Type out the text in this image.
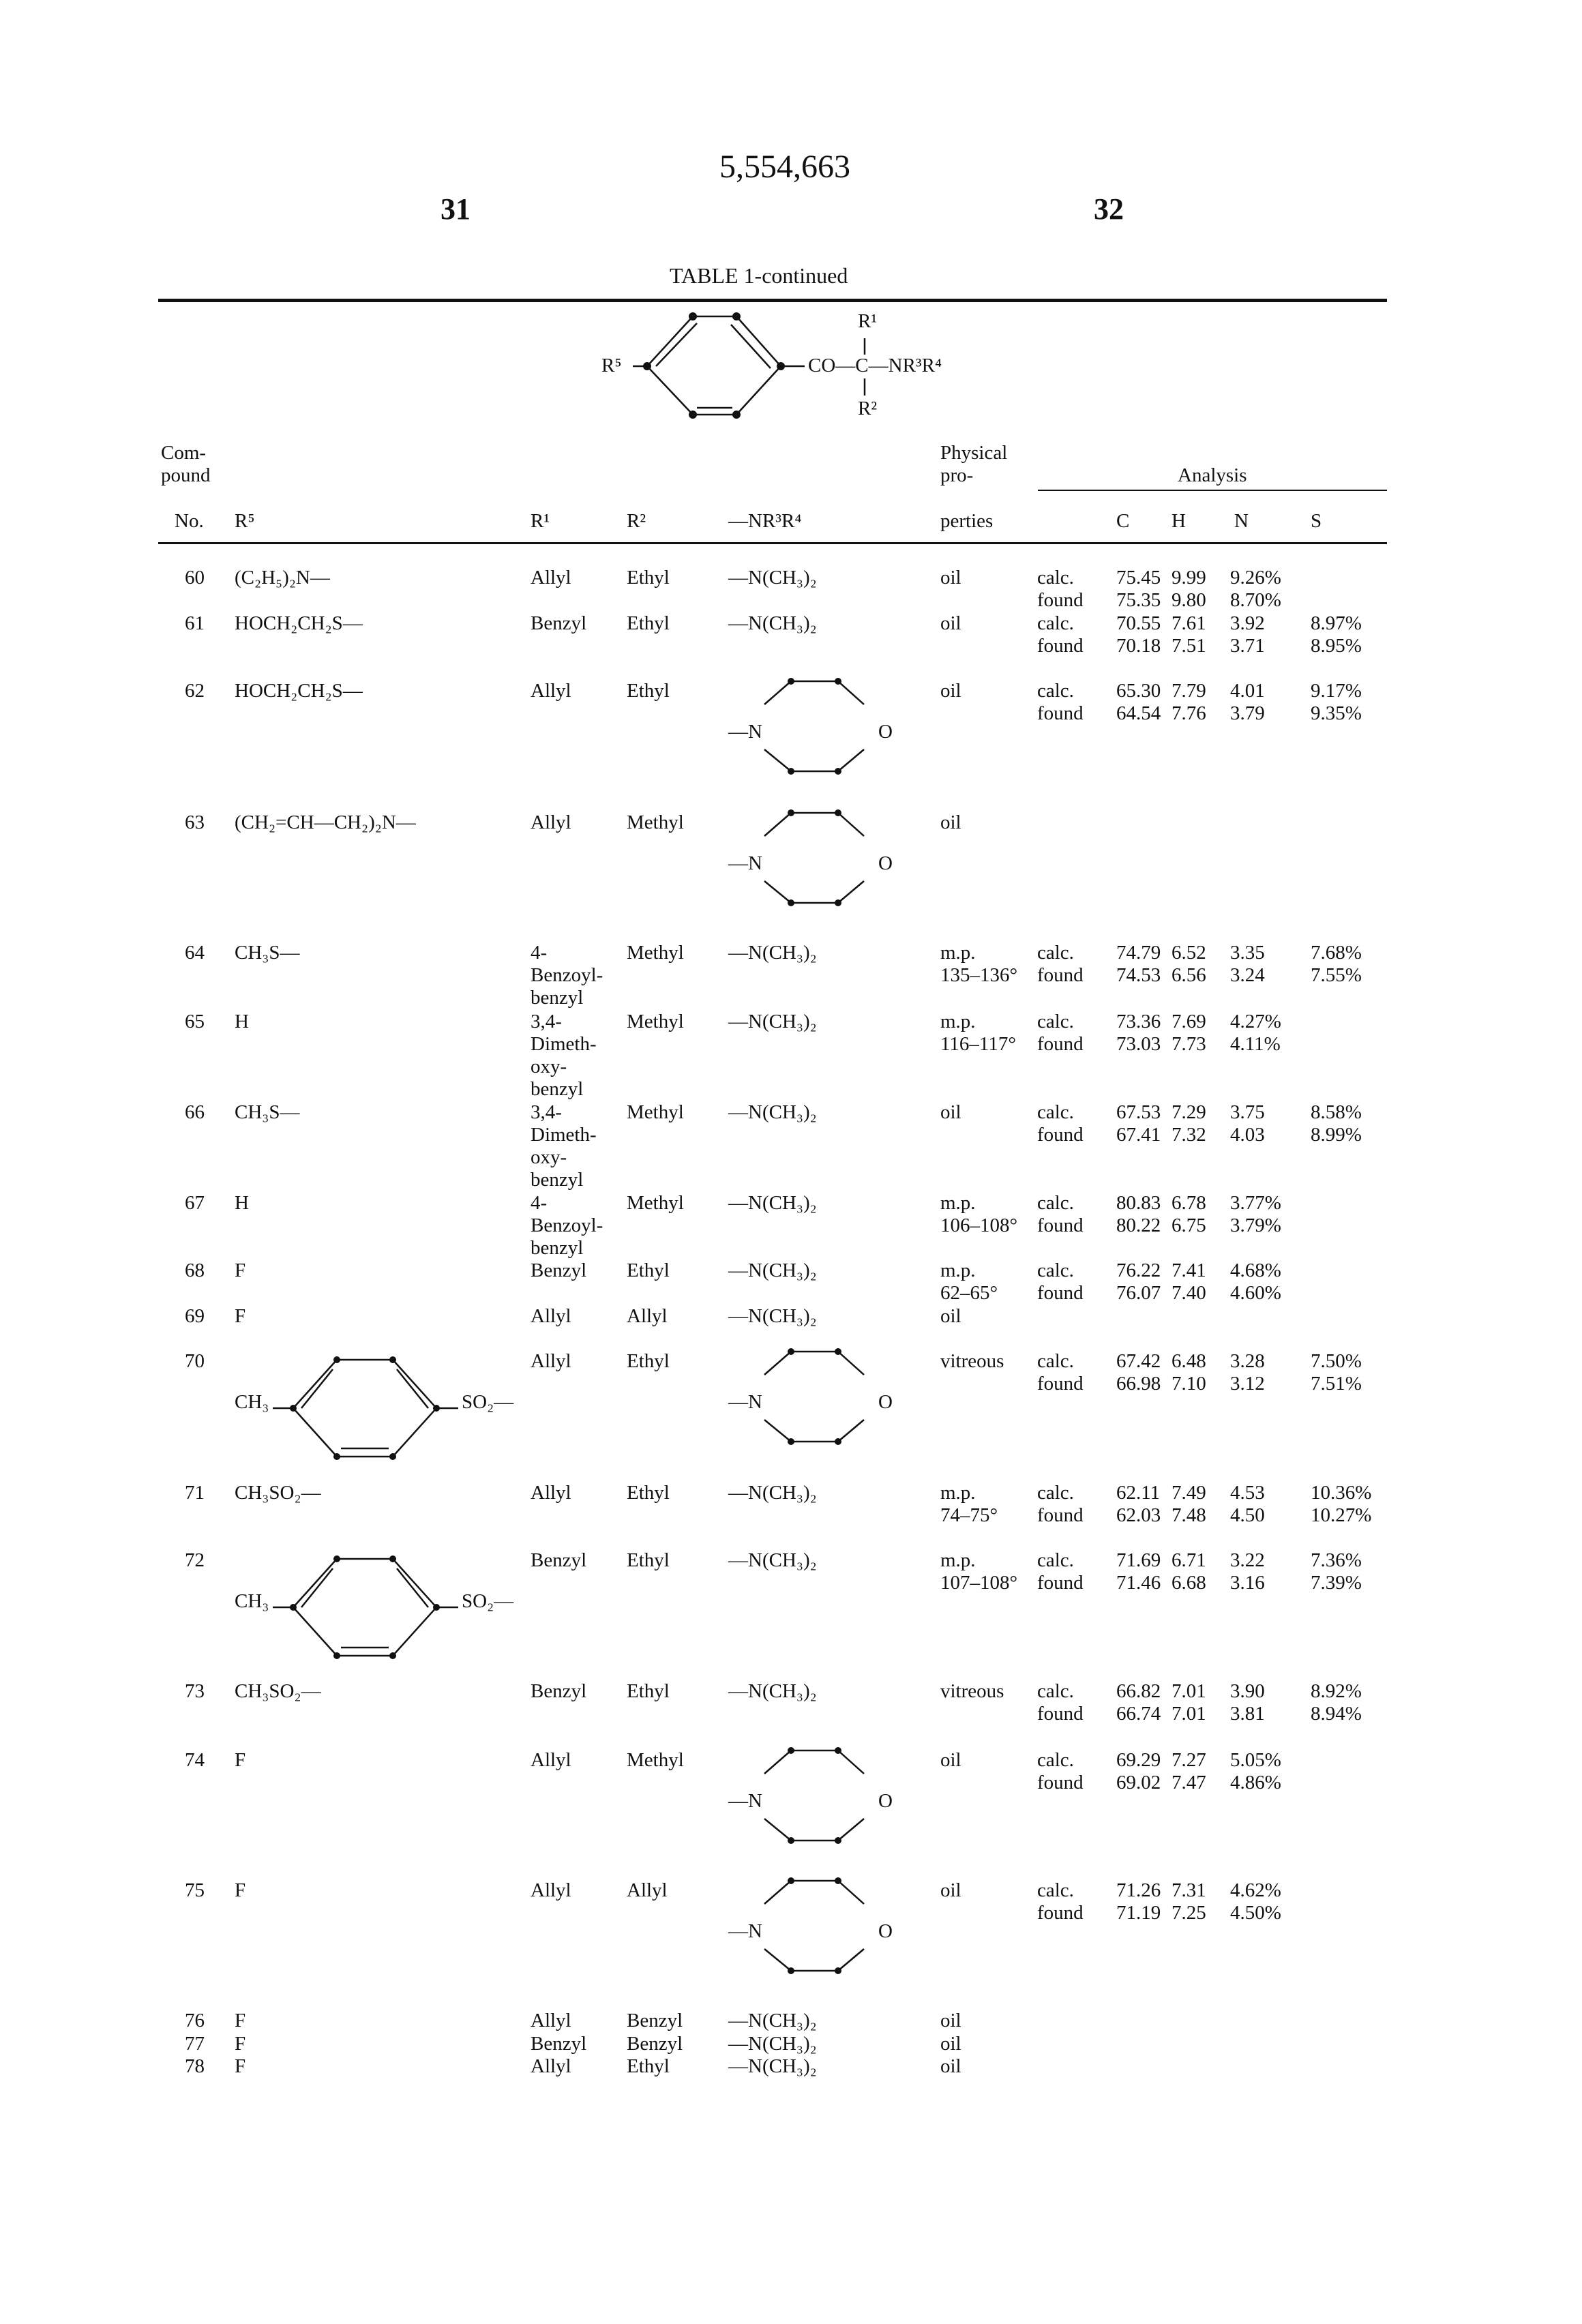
5,554,663
31	32
TABLE 1-continued
R⁵	CO—C—NR³R⁴
R¹
R²
Com-
pound
No. R⁵	R¹	R²	—NR³R⁴
Physical
pro-
perties
Analysis
C H N	S
60 (C₂H₅)₂N—	Allyl	Ethyl	—N(CH₃)₂	oil	calc.
found
75.45
75.35
9.99
9.80
9.26%
8.70%
61 HOCH₂CH₂S—	Benzyl Ethyl	—N(CH₃)₂	oil	calc.
found
70.55
70.18
7.61
7.51
3.92
3.71
8.97%
8.95%
62 HOCH₂CH₂S—	Allyl	Ethyl
—N	O
oil	calc.
found
65.30
64.54
7.79
7.76
4.01
3.79
9.17%
9.35%
63 (CH₂=CH—CH₂)₂N—	Allyl	Methyl
—N	O
oil
64 CH₃S—	4-
Benzoyl-
benzyl
Methyl —N(CH₃)₂	m.p.
135–136°
calc.
found
74.79
74.53
6.52
6.56
3.35
3.24
7.68%
7.55%
65 H	3,4-
Dimeth-
oxy-
benzyl
Methyl —N(CH₃)₂	m.p.
116–117°
calc.
found
73.36
73.03
7.69
7.73
4.27%
4.11%
66 CH₃S—	3,4-
Dimeth-
oxy-
benzyl
Methyl —N(CH₃)₂	oil	calc.
found
67.53
67.41
7.29
7.32
3.75
4.03
8.58%
8.99%
67 H	4-
Benzoyl-
benzyl
Methyl —N(CH₃)₂	m.p.
106–108°
calc.
found
80.83
80.22
6.78
6.75
3.77%
3.79%
68 F	Benzyl Ethyl	—N(CH₃)₂	m.p.
62–65°
calc.
found
76.22
76.07
7.41
7.40
4.68%
4.60%
69 F	Allyl	Allyl	—N(CH₃)₂	oil
70
CH₃	SO₂—
Allyl	Ethyl
—N	O
vitreous calc.
found
67.42
66.98
6.48
7.10
3.28
3.12
7.50%
7.51%
71 CH₃SO₂—	Allyl	Ethyl	—N(CH₃)₂	m.p.
74–75°
calc.
found
62.11
62.03
7.49
7.48
4.53
4.50
10.36%
10.27%
72
CH₃	SO₂—
Benzyl Ethyl	—N(CH₃)₂	m.p.
107–108°
calc.
found
71.69
71.46
6.71
6.68
3.22
3.16
7.36%
7.39%
73 CH₃SO₂—	Benzyl Ethyl	—N(CH₃)₂	vitreous calc.
found
66.82
66.74
7.01
7.01
3.90
3.81
8.92%
8.94%
74 F	Allyl	Methyl
—N	O
oil	calc.
found
69.29
69.02
7.27
7.47
5.05%
4.86%
75 F	Allyl	Allyl
—N	O
oil	calc.
found
71.26
71.19
7.31
7.25
4.62%
4.50%
76 F	Allyl	Benzyl —N(CH₃)₂	oil
77 F	Benzyl Benzyl —N(CH₃)₂	oil
78 F	Allyl	Ethyl	—N(CH₃)₂	oil
